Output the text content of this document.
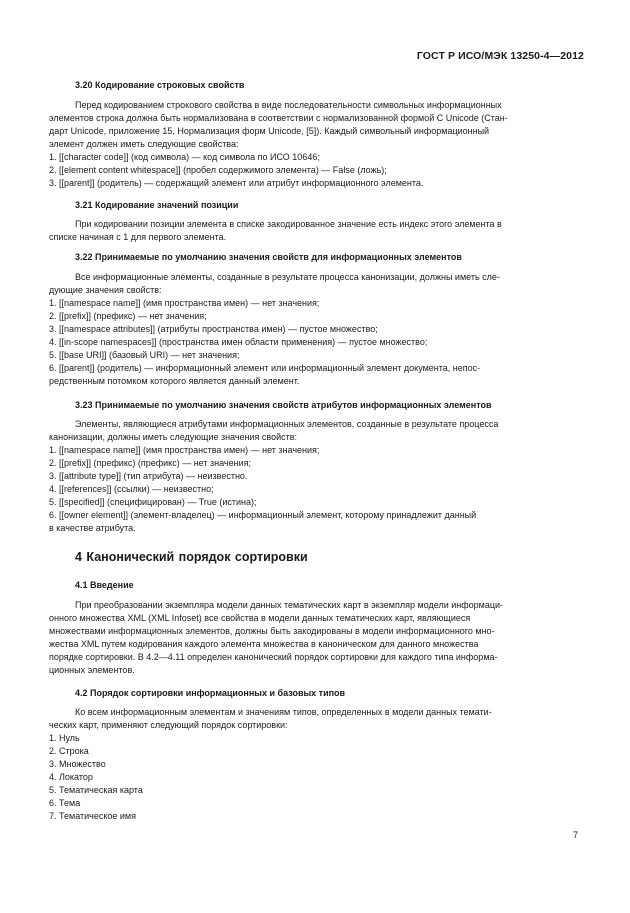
ГОСТ Р ИСО/МЭК 13250-4—2012
3.20 Кодирование строковых свойств

Перед кодированием строкового свойства в виде последовательности символьных информационных

элементов строка должна быть нормализована в соответствии с нормализованной формой С Unicode (Стан-

дарт Unicode, приложение 15, Нормализация форм Unicode, [5]). Каждый символьный информационный

элемент должен иметь следующие свойства:

1. [[character code]] (код символа) — код символа по ИСО 10646;

2. [[element content whitespace]] (пробел содержимого элемента) — False (ложь);

3. [[parent]] (родитель) — содержащий элемент или атрибут информационного элемента.

3.21 Кодирование значений позиции

При кодировании позиции элемента в списке закодированное значение есть индекс этого элемента в

списке начиная с 1 для первого элемента.

3.22 Принимаемые по умолчанию значения свойств для информационных элементов

Все информационные элементы, созданные в результате процесса канонизации, должны иметь сле-

дующие значения свойств:

1. [[namespace name]] (имя пространства имен) — нет значения;

2. [[prefix]] (префикс) — нет значения;

3. [[namespace attributes]] (атрибуты пространства имен) — пустое множество;

4. [[in-scope namespaces]] (пространства имен области применения) — пустое множество;

5. [[base URI]] (базовый URI) — нет значения;

6. [[parent]] (родитель) — информационный элемент или информационный элемент документа, непос-

редственным потомком которого является данный элемент.

3.23 Принимаемые по умолчанию значения свойств атрибутов информационных элементов

Элементы, являющиеся атрибутами информационных элементов, созданные в результате процесса

канонизации, должны иметь следующие значения свойств:

1. [[namespace name]] (имя пространства имен) — нет значения;

2. [[prefix]] (префикс) (префикс) — нет значения;

3. [[attribute type]] (тип атрибута) — неизвестно.

4. [[references]] (ссылки) — неизвестно;

5. [[specified]] (специфицирован) — True (истина);

6. [[owner element]] (элемент-владелец) — информационный элемент, которому принадлежит данный

в качестве атрибута.

4 Канонический порядок сортировки
4.1 Введение

При преобразовании экземпляра модели данных тематических карт в экземпляр модели информаци-

онного множества XML (XML Infoset) все свойства в модели данных тематических карт, являющиеся

множествами информационных элементов, должны быть закодированы в модели информационного мно-

жества XML путем кодирования каждого элемента множества в каноническом для данного множества

порядке сортировки. В 4.2—4.11 определен канонический порядок сортировки для каждого типа информа-

ционных элементов.

4.2 Порядок сортировки информационных и базовых типов

Ко всем информационным элементам и значениям типов, определенных в модели данных темати-

ческих карт, применяют следующий порядок сортировки:

1. Нуль

2. Строка

3. Множество

4. Локатор

5. Тематическая карта

6. Тема

7. Тематическое имя

7
